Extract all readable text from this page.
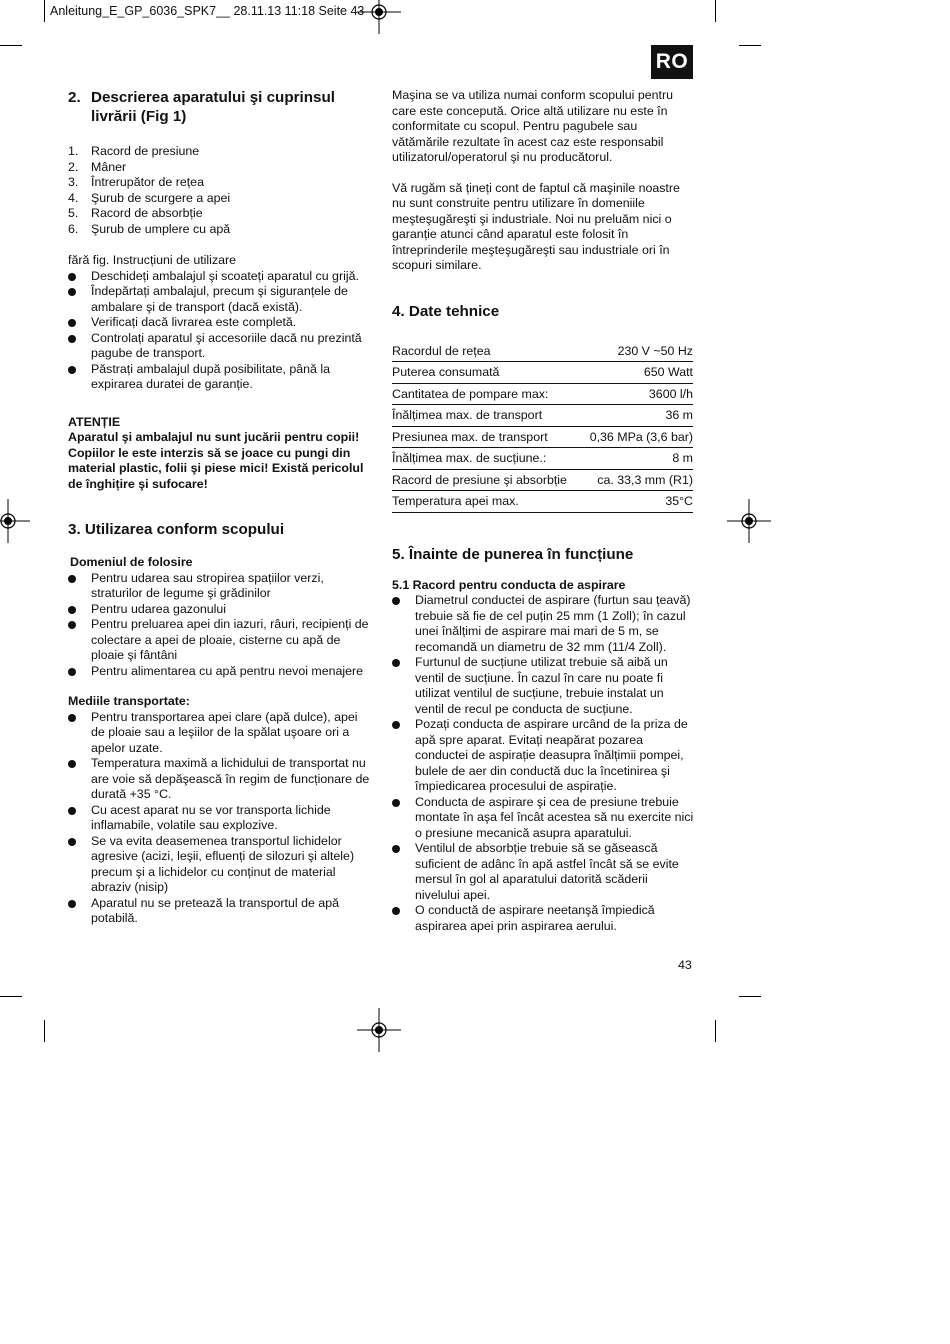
Anleitung_E_GP_6036_SPK7__ 28.11.13 11:18 Seite 43
RO
2. Descrierea aparatului şi cuprinsul livrării (Fig 1)
1.	Racord de presiune
2.	Mâner
3.	Întrerupător de rețea
4.	Şurub de scurgere a apei
5.	Racord de absorbție
6.	Şurub de umplere cu apă

fără fig. Instrucțiuni de utilizare

Deschideți ambalajul şi scoateți aparatul cu grijă.
Îndepărtați ambalajul, precum şi siguranțele de ambalare şi de transport (dacă există).
Verificați dacă livrarea este completă.
Controlați aparatul şi accesoriile dacă nu prezintă pagube de transport.
Păstrați ambalajul după posibilitate, până la expirarea duratei de garanție.
ATENȚIE
Aparatul şi ambalajul nu sunt jucării pentru copii! Copiilor le este interzis să se joace cu pungi din material plastic, folii şi piese mici! Există pericolul de înghițire şi sufocare!
3. Utilizarea conform scopului
Domeniul de folosire
Pentru udarea sau stropirea spațiilor verzi, straturilor de legume şi grădinilor
Pentru udarea gazonului
Pentru preluarea apei din iazuri, râuri, recipienți de colectare a apei de ploaie, cisterne cu apă de ploaie şi fântâni
Pentru alimentarea cu apă pentru nevoi menajere
Mediile transportate:
Pentru transportarea apei clare (apă dulce), apei de ploaie sau a leşiilor de la spălat uşoare ori a apelor uzate.
Temperatura maximă a lichidului de transportat nu are voie să depăşească în regim de funcționare de durată +35 °C.
Cu acest aparat nu se vor transporta lichide inflamabile, volatile sau explozive.
Se va evita deasemenea transportul lichidelor agresive (acizi, leşii, efluenți de silozuri şi altele) precum şi a lichidelor cu conținut de material abraziv (nisip)
Aparatul nu se pretează la transportul de apă potabilă.

Maşina se va utiliza numai conform scopului pentru care este concepută. Orice altă utilizare nu este în conformitate cu scopul. Pentru pagubele sau vătămările rezultate în acest caz este responsabil utilizatorul/operatorul şi nu producătorul.

Vă rugăm să țineți cont de faptul că maşinile noastre nu sunt construite pentru utilizare în domeniile meşteşugăreşti şi industriale. Noi nu preluăm nici o garanție atunci când aparatul este folosit în întreprinderile meşteşugăreşti sau industriale ori în scopuri similare.

4. Date tehnice
Racordul de rețea	230 V ~50 Hz
Puterea consumată	650 Watt
Cantitatea de pompare max:	3600 l/h
Înălțimea max. de transport	36 m
Presiunea max. de transport	0,36 MPa (3,6 bar)
Înălțimea max. de sucțiune.:	8 m
Racord de presiune şi absorbție	ca. 33,3 mm (R1)
Temperatura apei max.	35°C
5. Înainte de punerea în funcțiune
5.1 Racord pentru conducta de aspirare
Diametrul conductei de aspirare (furtun sau țeavă) trebuie să fie de cel puțin 25 mm (1 Zoll); în cazul unei înălțimi de aspirare mai mari de 5 m, se recomandă un diametru de 32 mm (11/4 Zoll).
Furtunul de sucțiune utilizat trebuie să aibă un ventil de sucțiune. În cazul în care nu poate fi utilizat ventilul de sucțiune, trebuie instalat un ventil de recul pe conducta de sucțiune.
Pozați conducta de aspirare urcând de la priza de apă spre aparat. Evitați neapărat pozarea conductei de aspirație deasupra înălțimii pompei, bulele de aer din conductă duc la încetinirea şi împiedicarea procesului de aspirație.
Conducta de aspirare şi cea de presiune trebuie montate în aşa fel încât acestea să nu exercite nici o presiune mecanică asupra aparatului.
Ventilul de absorbție trebuie să se găsească suficient de adânc în apă astfel încât să se evite mersul în gol al aparatului datorită scăderii nivelului apei.
O conductă de aspirare neetanşă împiedică aspirarea apei prin aspirarea aerului.
43
